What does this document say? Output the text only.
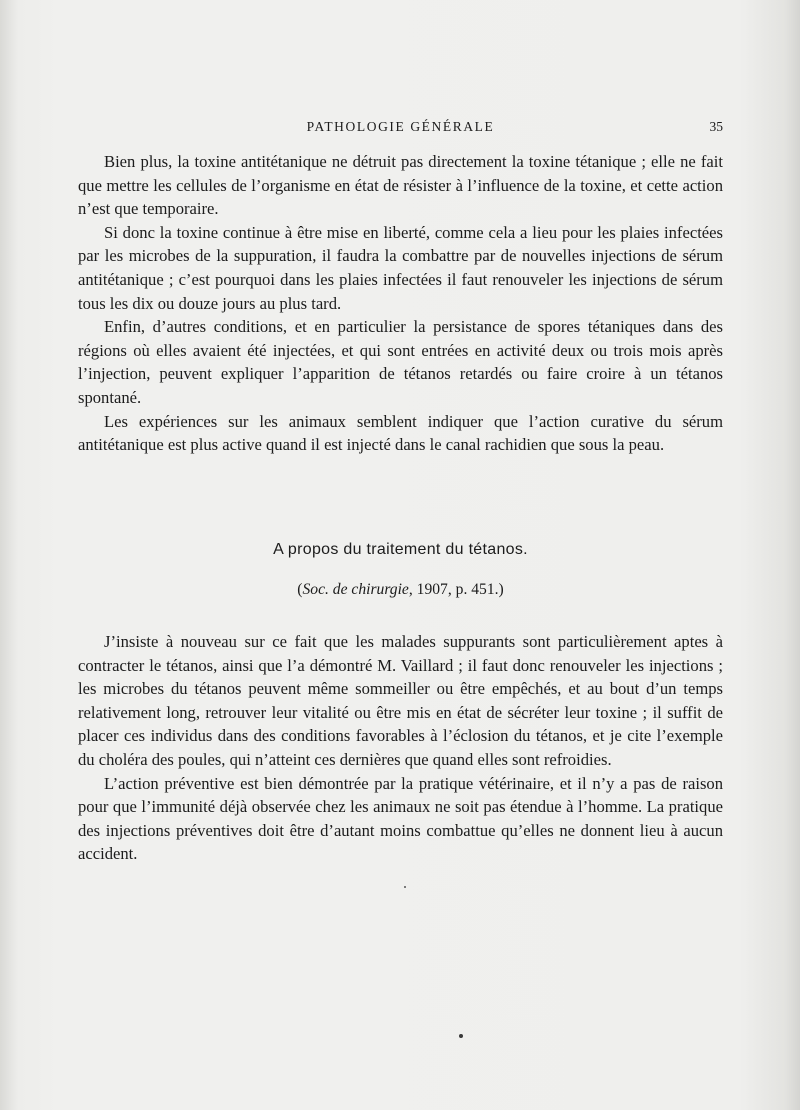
PATHOLOGIE GÉNÉRALE	35

Bien plus, la toxine antitétanique ne détruit pas directement la toxine tétanique ; elle ne fait que mettre les cellules de l’organisme en état de résister à l’influence de la toxine, et cette action n’est que temporaire.

Si donc la toxine continue à être mise en liberté, comme cela a lieu pour les plaies infectées par les microbes de la suppuration, il faudra la combattre par de nouvelles injections de sérum antitétanique ; c’est pourquoi dans les plaies infectées il faut renouveler les injections de sérum tous les dix ou douze jours au plus tard.

Enfin, d’autres conditions, et en particulier la persistance de spores tétaniques dans des régions où elles avaient été injectées, et qui sont entrées en activité deux ou trois mois après l’injection, peuvent expliquer l’apparition de tétanos retardés ou faire croire à un tétanos spontané.

Les expériences sur les animaux semblent indiquer que l’action curative du sérum antitétanique est plus active quand il est injecté dans le canal rachidien que sous la peau.

A propos du traitement du tétanos.
(Soc. de chirurgie, 1907, p. 451.)

J’insiste à nouveau sur ce fait que les malades suppurants sont particulièrement aptes à contracter le tétanos, ainsi que l’a démontré M. Vaillard ; il faut donc renouveler les injections ; les microbes du tétanos peuvent même sommeiller ou être empêchés, et au bout d’un temps relativement long, retrouver leur vitalité ou être mis en état de sécréter leur toxine ; il suffit de placer ces individus dans des conditions favorables à l’éclosion du tétanos, et je cite l’exemple du choléra des poules, qui n’atteint ces dernières que quand elles sont refroidies.

L’action préventive est bien démontrée par la pratique vétérinaire, et il n’y a pas de raison pour que l’immunité déjà observée chez les animaux ne soit pas étendue à l’homme. La pratique des injections préventives doit être d’autant moins combattue qu’elles ne donnent lieu à aucun accident.
